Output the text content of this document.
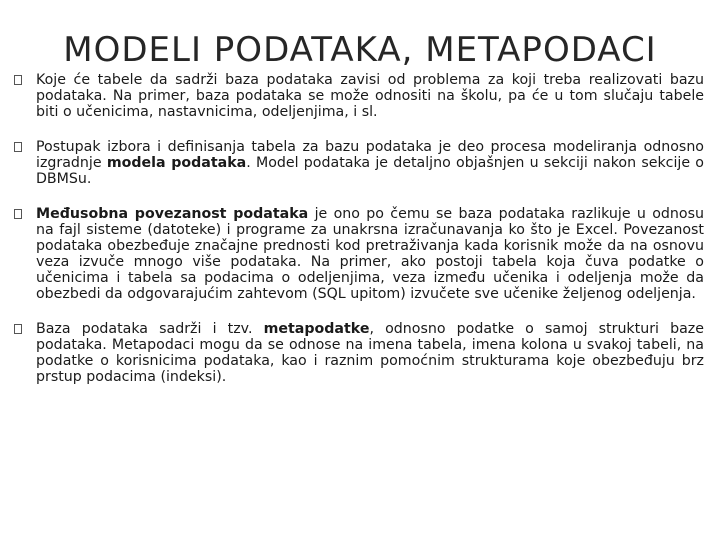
MODELI PODATAKA, METAPODACI
Koje će tabele da sadrži baza podataka zavisi od problema za koji treba realizovati bazu podataka. Na primer, baza podataka se može odnositi na školu, pa će u tom slučaju tabele biti o učenicima, nastavnicima, odeljenjima, i sl.
Postupak izbora i definisanja tabela za bazu podataka je deo procesa modeliranja odnosno izgradnje modela podataka. Model podataka je detaljno objašnjen u sekciji nakon sekcije o DBMSu.
Međusobna povezanost podataka je ono po čemu se baza podataka razlikuje u odnosu na fajl sisteme (datoteke) i programe za unakrsna izračunavanja ko što je Excel. Povezanost podataka obezbeđuje značajne prednosti kod pretraživanja kada korisnik može da na osnovu veza izvuče mnogo više podataka. Na primer, ako postoji tabela koja čuva podatke o učenicima i tabela sa podacima o odeljenjima, veza između učenika i odeljenja može da obezbedi da odgovarajućim zahtevom (SQL upitom) izvučete sve učenike željenog odeljenja.
Baza podataka sadrži i tzv. metapodatke, odnosno podatke o samoj strukturi baze podataka. Metapodaci mogu da se odnose na imena tabela, imena kolona u svakoj tabeli, na podatke o korisnicima podataka, kao i raznim pomoćnim strukturama koje obezbeđuju brz prstup podacima (indeksi).
